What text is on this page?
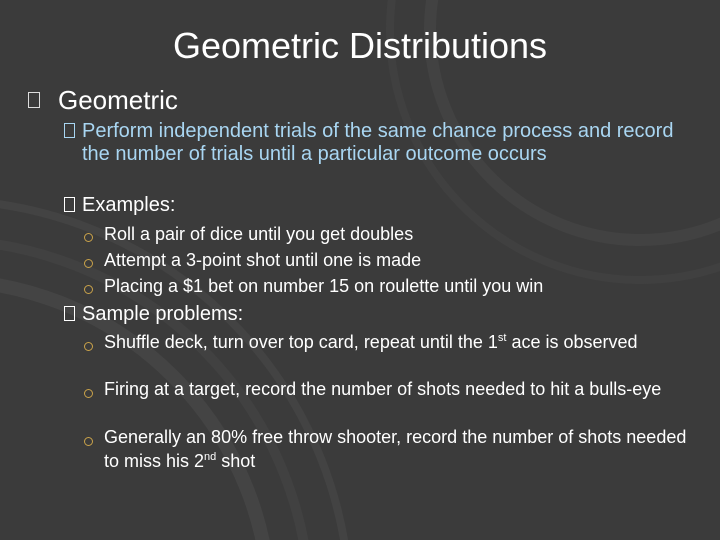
Geometric Distributions
Geometric
Perform independent trials of the same chance process and record the number of trials until a particular outcome occurs
Examples:
Roll a pair of dice until you get doubles
Attempt a 3-point shot until one is made
Placing a $1 bet on number 15 on roulette until you win
Sample problems:
Shuffle deck, turn over top card, repeat until the 1st ace is observed
Firing at a target, record the number of shots needed to hit a bulls-eye
Generally an 80% free throw shooter, record the number of shots needed to miss his 2nd shot
